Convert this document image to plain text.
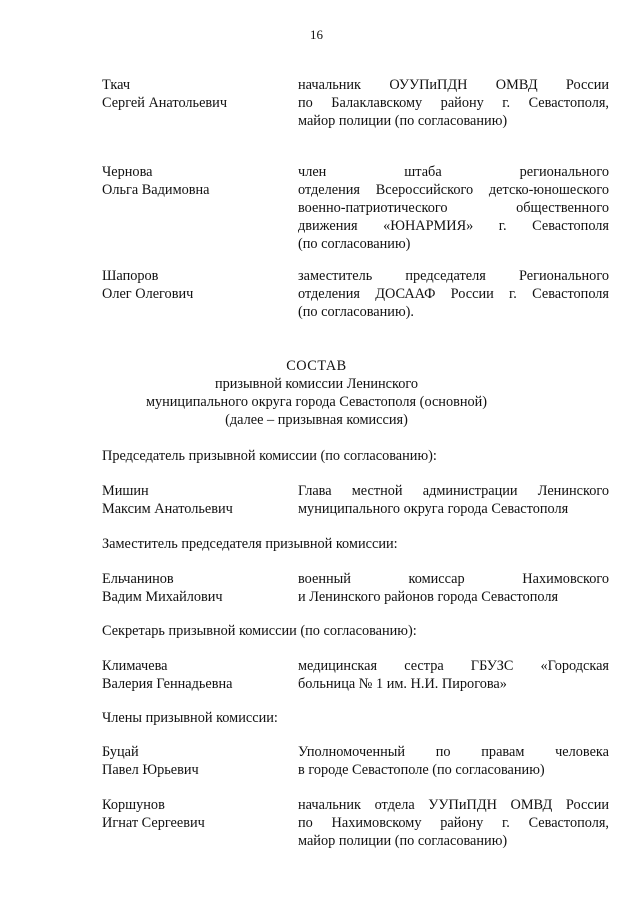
16
Ткач
Сергей Анатольевич
начальник ОУУПиПДН ОМВД России
по Балаклавскому району г. Севастополя,
майор полиции (по согласованию)
Чернова
Ольга Вадимовна
член штаба регионального
отделения Всероссийского детско-юношеского
военно-патриотического общественного
движения «ЮНАРМИЯ» г. Севастополя
(по согласованию)
Шапоров
Олег Олегович
заместитель председателя Регионального
отделения ДОСААФ России г. Севастополя
(по согласованию).
СОСТАВ
призывной комиссии Ленинского
муниципального округа города Севастополя (основной)
(далее – призывная комиссия)
Председатель призывной комиссии (по согласованию):
Мишин
Максим Анатольевич
Глава местной администрации Ленинского
муниципального округа города Севастополя
Заместитель председателя призывной комиссии:
Ельчанинов
Вадим Михайлович
военный комиссар Нахимовского
и Ленинского районов города Севастополя
Секретарь призывной комиссии (по согласованию):
Климачева
Валерия Геннадьевна
медицинская сестра ГБУЗС «Городская
больница № 1 им. Н.И. Пирогова»
Члены призывной комиссии:
Буцай
Павел Юрьевич
Уполномоченный по правам человека
в городе Севастополе (по согласованию)
Коршунов
Игнат Сергеевич
начальник отдела УУПиПДН ОМВД России
по Нахимовскому району г. Севастополя,
майор полиции (по согласованию)
